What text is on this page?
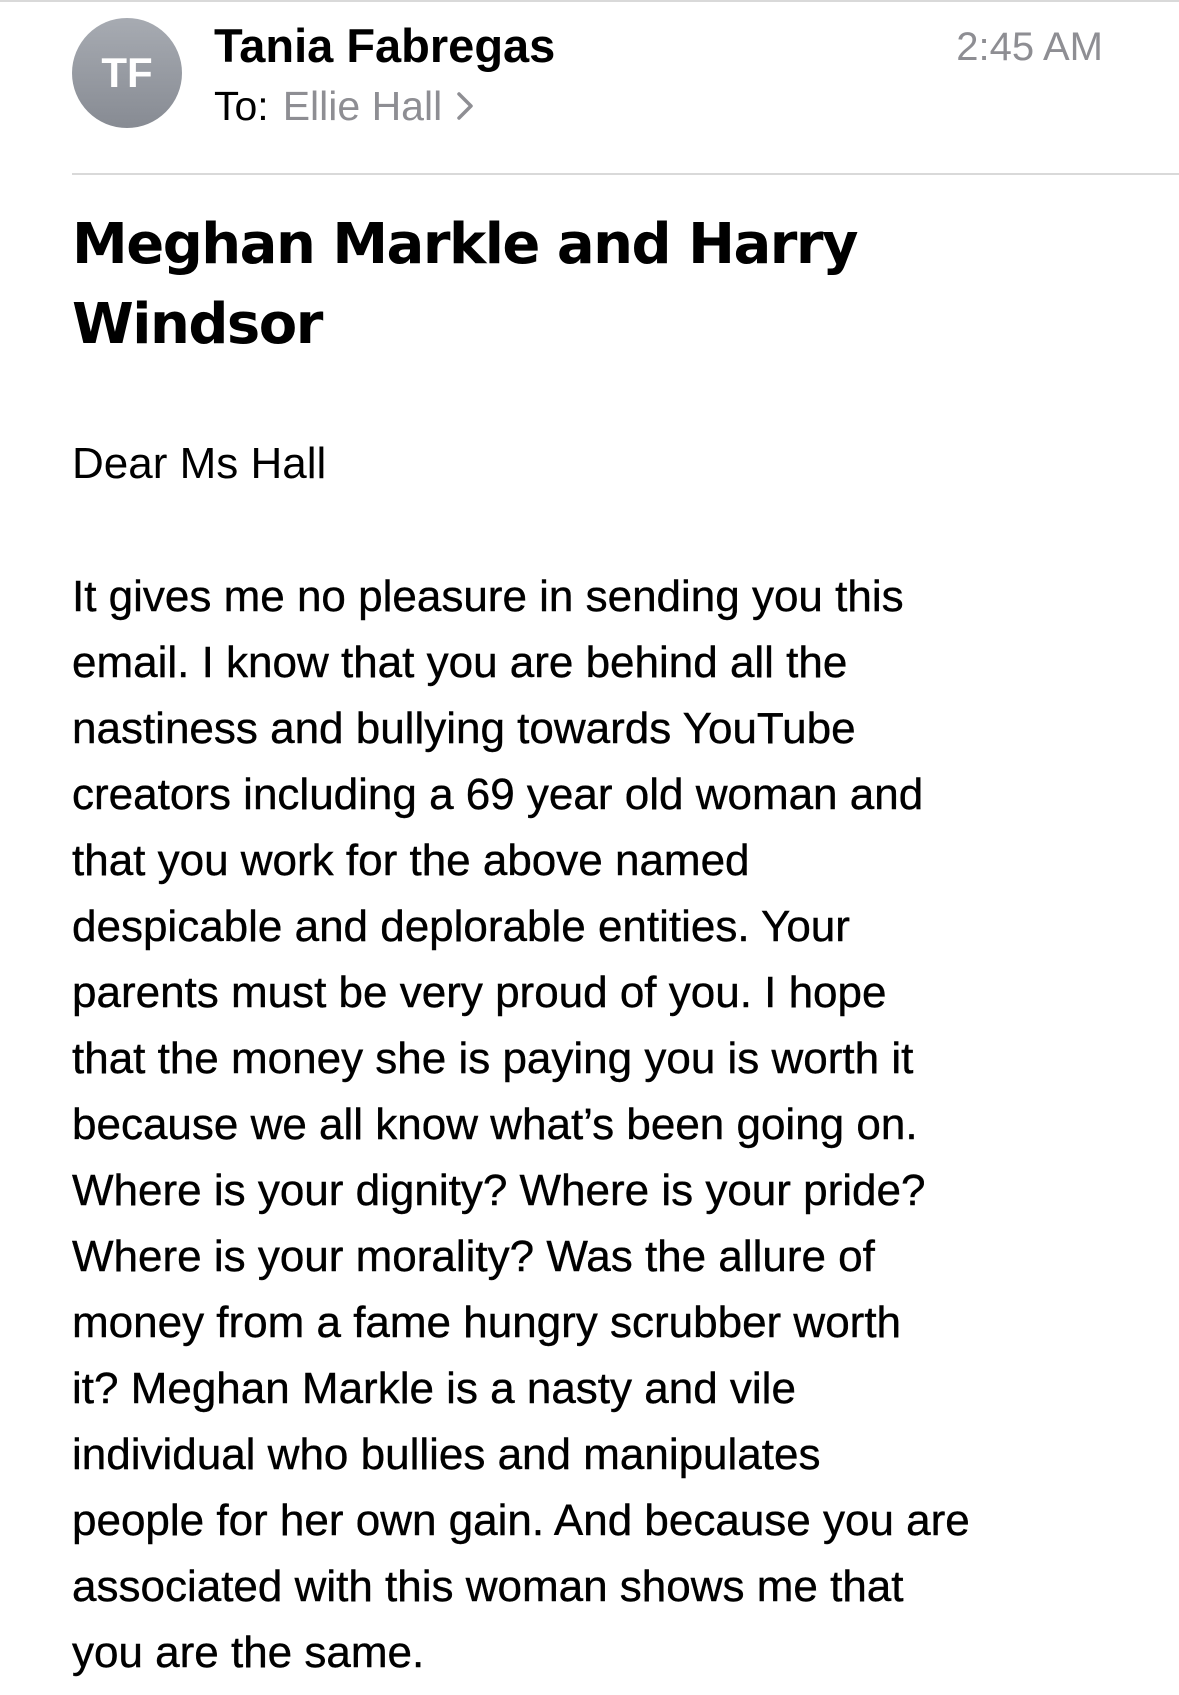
TF
Tania Fabregas
To: Ellie Hall
2:45 AM
Meghan Markle and Harry
Windsor

Dear Ms Hall

It gives me no pleasure in sending you this
email. I know that you are behind all the
nastiness and bullying towards YouTube
creators including a 69 year old woman and
that you work for the above named
despicable and deplorable entities. Your
parents must be very proud of you. I hope
that the money she is paying you is worth it
because we all know what’s been going on.
Where is your dignity? Where is your pride?
Where is your morality? Was the allure of
money from a fame hungry scrubber worth
it? Meghan Markle is a nasty and vile
individual who bullies and manipulates
people for her own gain. And because you are
associated with this woman shows me that
you are the same.
